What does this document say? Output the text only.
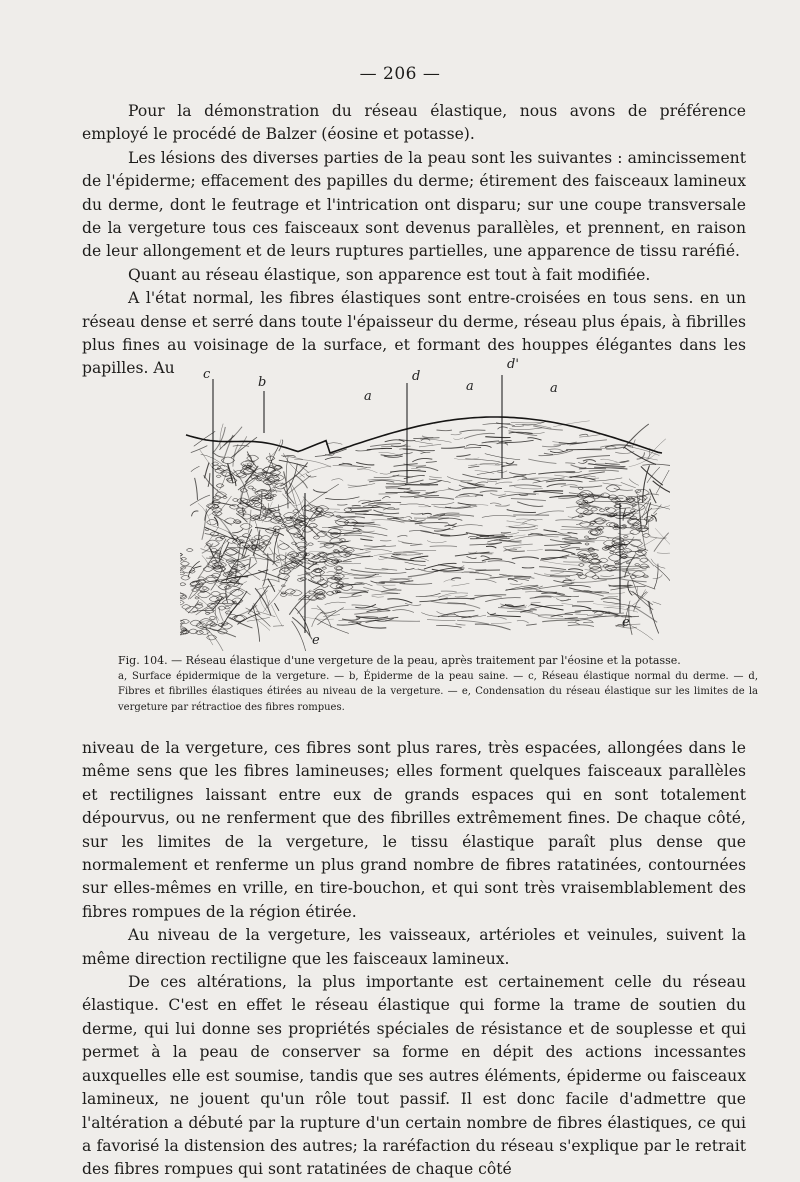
— 206 —

Pour la démonstration du réseau élastique, nous avons de préférence employé le procédé de Balzer (éosine et potasse).

Les lésions des diverses parties de la peau sont les suivantes : amincissement de l'épiderme; effacement des papilles du derme; étirement des faisceaux lamineux du derme, dont le feutrage et l'intrication ont disparu; sur une coupe transversale de la vergeture tous ces faisceaux sont devenus parallèles, et prennent, en raison de leur allongement et de leurs ruptures partielles, une apparence de tissu raréfié.

Quant au réseau élastique, son apparence est tout à fait modifiée.

A l'état normal, les fibres élastiques sont entre-croisées en tous sens. en un réseau dense et serré dans toute l'épaisseur du derme, réseau plus épais, à fibrilles plus fines au voisinage de la surface, et formant des houppes élégantes dans les papilles. Au	c
b
a
d
a
d'
a
e
e
Fig. 104. — Réseau élastique d'une vergeture de la peau, après traitement par l'éosine et la potasse.
a, Surface épidermique de la vergeture. — b, Épiderme de la peau saine. — c, Réseau élastique normal du derme. — d, Fibres et fibrilles élastiques étirées au niveau de la vergeture. — e, Condensation du réseau élastique sur les limites de la vergeture par rétractioe des fibres rompues.

niveau de la vergeture, ces fibres sont plus rares, très espacées, allongées dans le même sens que les fibres lamineuses; elles forment quelques faisceaux parallèles et rectilignes laissant entre eux de grands espaces qui en sont totalement dépourvus, ou ne renferment que des fibrilles extrêmement fines. De chaque côté, sur les limites de la vergeture, le tissu élastique paraît plus dense que normalement et renferme un plus grand nombre de fibres ratatinées, contournées sur elles-mêmes en vrille, en tire-bouchon, et qui sont très vraisemblablement des fibres rompues de la région étirée.

Au niveau de la vergeture, les vaisseaux, artérioles et veinules, suivent la même direction rectiligne que les faisceaux lamineux.

De ces altérations, la plus importante est certainement celle du réseau élastique. C'est en effet le réseau élastique qui forme la trame de soutien du derme, qui lui donne ses propriétés spéciales de résistance et de souplesse et qui permet à la peau de conserver sa forme en dépit des actions incessantes auxquelles elle est soumise, tandis que ses autres éléments, épiderme ou faisceaux lamineux, ne jouent qu'un rôle tout passif. Il est donc facile d'admettre que l'altération a débuté par la rupture d'un certain nombre de fibres élastiques, ce qui a favorisé la distension des autres; la raréfaction du réseau s'explique par le retrait des fibres rompues qui sont ratatinées de chaque côté
